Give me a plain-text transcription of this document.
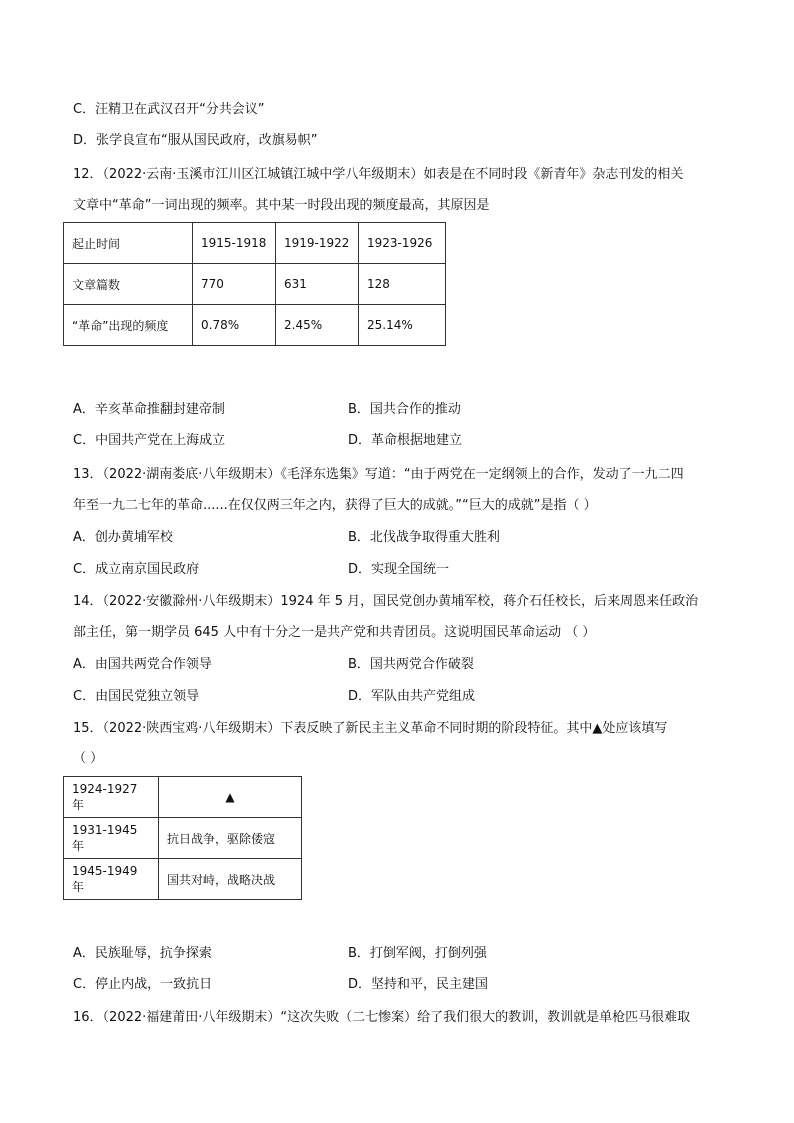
C．汪精卫在武汉召开“分共会议”
D．张学良宣布“服从国民政府，改旗易帜”
12．（2022·云南·玉溪市江川区江城镇江城中学八年级期末）如表是在不同时段《新青年》杂志刊发的相关
文章中“革命”一词出现的频率。其中某一时段出现的频度最高，其原因是
起止时间	1915-1918	1919-1922	1923-1926
文章篇数	770	631	128
“革命”出现的频度	0.78%	2.45%	25.14%
A．辛亥革命推翻封建帝制	B．国共合作的推动
C．中国共产党在上海成立	D．革命根据地建立
13．（2022·湖南娄底·八年级期末）《毛泽东选集》写道：“由于两党在一定纲领上的合作，发动了一九二四
年至一九二七年的革命......在仅仅两三年之内，获得了巨大的成就。”“巨大的成就”是指（ ）
A．创办黄埔军校	B．北伐战争取得重大胜利
C．成立南京国民政府	D．实现全国统一
14．（2022·安徽滁州·八年级期末）1924 年 5 月，国民党创办黄埔军校，蒋介石任校长，后来周恩来任政治
部主任，第一期学员 645 人中有十分之一是共产党和共青团员。这说明国民革命运动 （ ）
A．由国共两党合作领导	B．国共两党合作破裂
C．由国民党独立领导	D．军队由共产党组成
15．（2022·陕西宝鸡·八年级期末）下表反映了新民主主义革命不同时期的阶段特征。其中▲处应该填写
（ ）
1924-1927 年	▲
1931-1945 年	抗日战争，驱除倭寇
1945-1949 年	国共对峙，战略决战
A．民族耻辱，抗争探索	B．打倒军阀，打倒列强
C．停止内战，一致抗日	D．坚持和平，民主建国
16．（2022·福建莆田·八年级期末）“这次失败（二七惨案）给了我们很大的教训，教训就是单枪匹马很难取
